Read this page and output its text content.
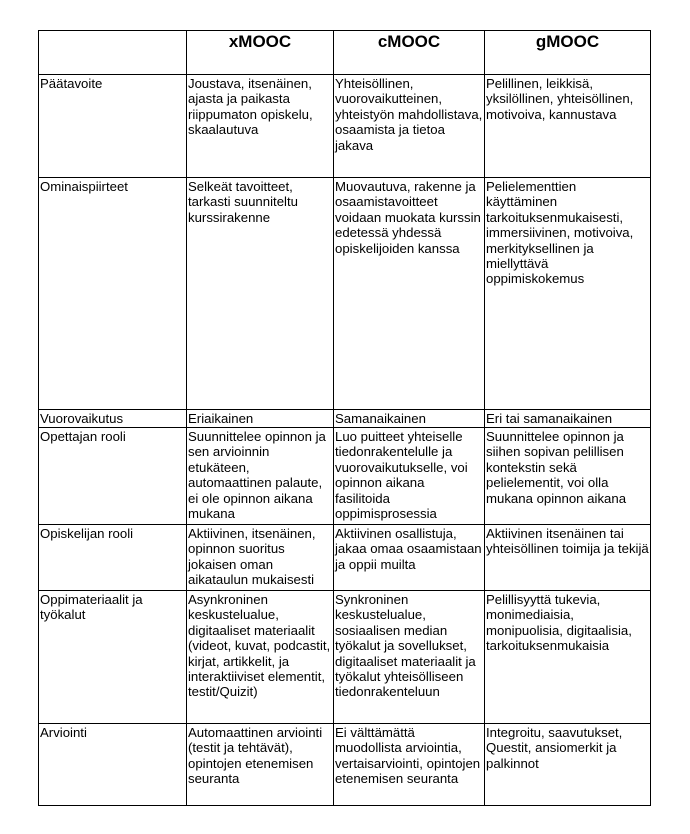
	xMOOC	cMOOC	gMOOC
Päätavoite	Joustava, itsenäinen, ajasta ja paikasta riippumaton opiskelu, skaalautuva	Yhteisöllinen, vuorovaikutteinen, yhteistyön mahdollistava, osaamista ja tietoa jakava	Pelillinen, leikkisä, yksilöllinen, yhteisöllinen, motivoiva, kannustava
Ominaispiirteet	Selkeät tavoitteet, tarkasti suunniteltu kurssirakenne	Muovautuva, rakenne ja osaamistavoitteet voidaan muokata kurssin edetessä yhdessä opiskelijoiden kanssa	Pelielementtien käyttäminen tarkoituksenmukaisesti, immersiivinen, motivoiva, merkityksellinen ja miellyttävä oppimiskokemus
Vuorovaikutus	Eriaikainen	Samanaikainen	Eri tai samanaikainen
Opettajan rooli	Suunnittelee opinnon ja sen arvioinnin etukäteen, automaattinen palaute, ei ole opinnon aikana mukana	Luo puitteet yhteiselle tiedonrakentelulle ja vuorovaikutukselle, voi opinnon aikana fasilitoida oppimisprosessia	Suunnittelee opinnon ja siihen sopivan pelillisen kontekstin sekä pelielementit, voi olla mukana opinnon aikana
Opiskelijan rooli	Aktiivinen, itsenäinen, opinnon suoritus jokaisen oman aikataulun mukaisesti	Aktiivinen osallistuja, jakaa omaa osaamistaan ja oppii muilta	Aktiivinen itsenäinen tai yhteisöllinen toimija ja tekijä
Oppimateriaalit ja työkalut	Asynkroninen keskustelualue, digitaaliset materiaalit (videot, kuvat, podcastit, kirjat, artikkelit, ja interaktiiviset elementit, testit/Quizit)	Synkroninen keskustelualue, sosiaalisen median työkalut ja sovellukset, digitaaliset materiaalit ja työkalut yhteisölliseen tiedonrakenteluun	Pelillisyyttä tukevia, monimediaisia, monipuolisia, digitaalisia, tarkoituksenmukaisia
Arviointi	Automaattinen arviointi (testit ja tehtävät), opintojen etenemisen seuranta	Ei välttämättä muodollista arviointia, vertaisarviointi, opintojen etenemisen seuranta	Integroitu, saavutukset, Questit, ansiomerkit ja palkinnot
